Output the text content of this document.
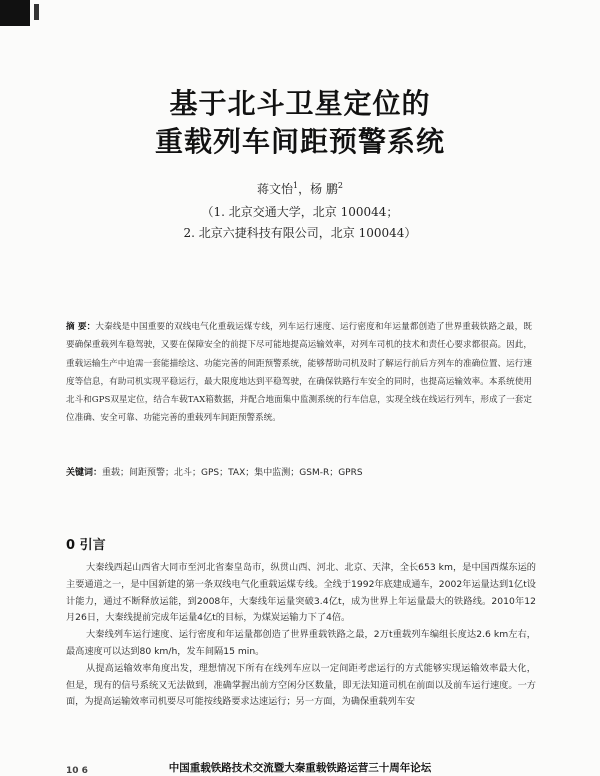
基于北斗卫星定位的
重载列车间距预警系统
蒋文怡$^1$，杨 鹏$^2$
（1. 北京交通大学，北京 100044；
2. 北京六捷科技有限公司，北京 100044）
摘 要：大秦线是中国重要的双线电气化重载运煤专线，列车运行速度、运行密度和年运量都创造了世界重载铁路之最，既要确保重载列车稳驾驶，又要在保障安全的前提下尽可能地提高运输效率，对列车司机的技术和责任心要求都很高。因此，重载运输生产中迫需一套能描绘这、功能完善的间距预警系统，能够帮助司机及时了解运行前后方列车的准确位置、运行速度等信息，有助司机实现平稳运行，最大限度地达到平稳驾驶，在确保铁路行车安全的同时，也提高运输效率。本系统使用北斗和GPS双星定位，结合车载TAX箱数据，并配合地面集中监测系统的行车信息，实现全线在线运行列车，形成了一套定位准确、安全可靠、功能完善的重载列车间距预警系统。
关键词：重载；间距预警；北斗；GPS；TAX；集中监测；GSM-R；GPRS
0 引言

大秦线西起山西省大同市至河北省秦皇岛市，纵贯山西、河北、北京、天津，全长653 km，是中国西煤东运的主要通道之一，是中国新建的第一条双线电气化重载运煤专线。全线于1992年底建成通车，2002年运量达到1亿t设计能力，通过不断释放运能，到2008年，大秦线年运量突破3.4亿t，成为世界上年运量最大的铁路线。2010年12月26日，大秦线提前完成年运量4亿t的目标，为煤炭运输力下了4倍。

大秦线列车运行速度、运行密度和年运量都创造了世界重载铁路之最，2万t重载列车编组长度达2.6 km左右，最高速度可以达到80 km/h，发车间隔15 min。

从提高运输效率角度出发，理想情况下所有在线列车应以一定间距考虑运行的方式能够实现运输效率最大化，但是，现有的信号系统又无法做到，准确掌握出前方空闲分区数量，即无法知道司机在前面以及前车运行速度。一方面，为提高运输效率司机要尽可能按线路要求达速运行；另一方面，为确保重载列车安

10 6	中国重载铁路技术交流暨大秦重载铁路运营三十周年论坛
